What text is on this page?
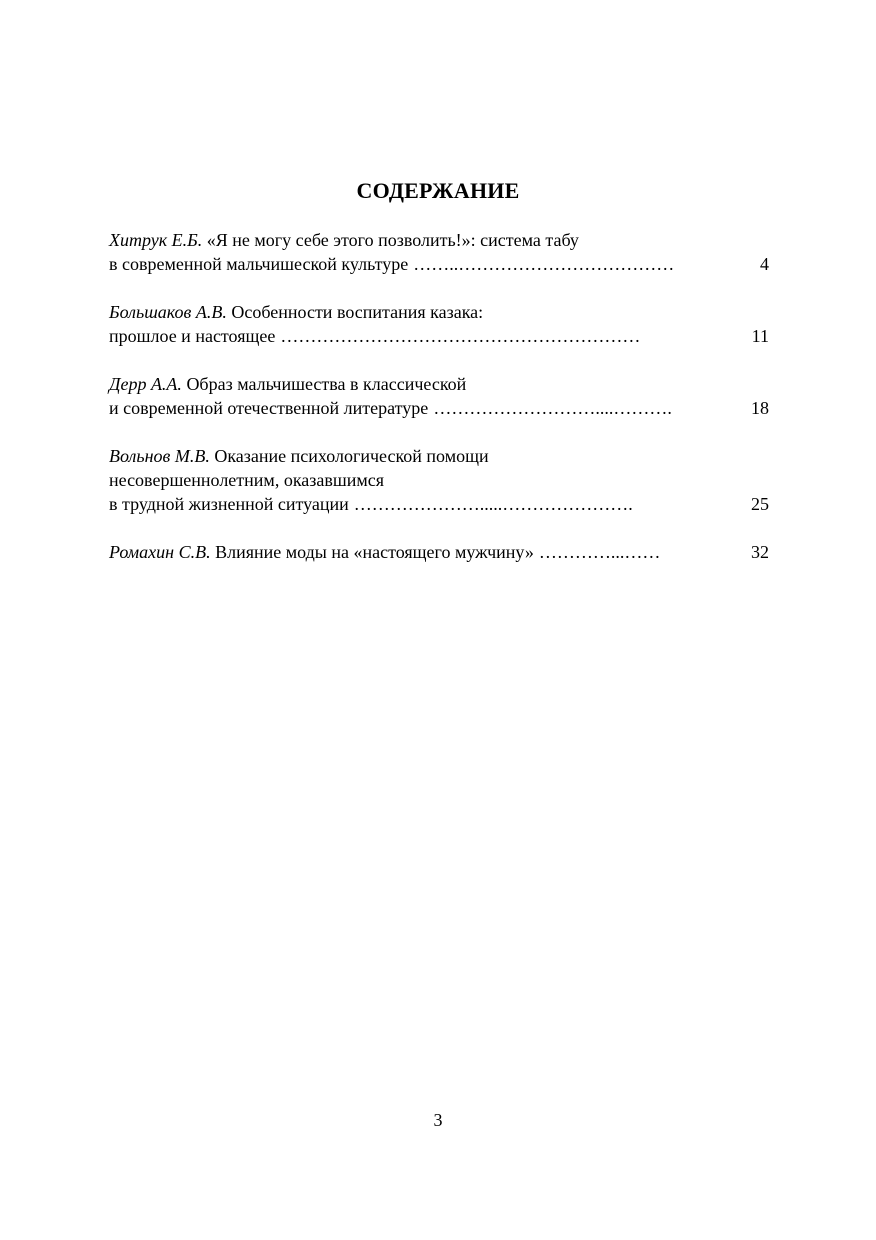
СОДЕРЖАНИЕ
Хитрук Е.Б. «Я не могу себе этого позволить!»: система табу
в современной мальчишеской культуре ……..………………………………	4
Большаков А.В. Особенности воспитания казака:
прошлое и настоящее ……………………………………………………	11
Дерр А.А. Образ мальчишества в классической
и современной отечественной литературе ………………………....……….	18
Вольнов М.В. Оказание психологической помощи
несовершеннолетним, оказавшимся
в трудной жизненной ситуации ………………….....………………….	25
Ромахин С.В. Влияние моды на «настоящего мужчину» …………...……	32
3
